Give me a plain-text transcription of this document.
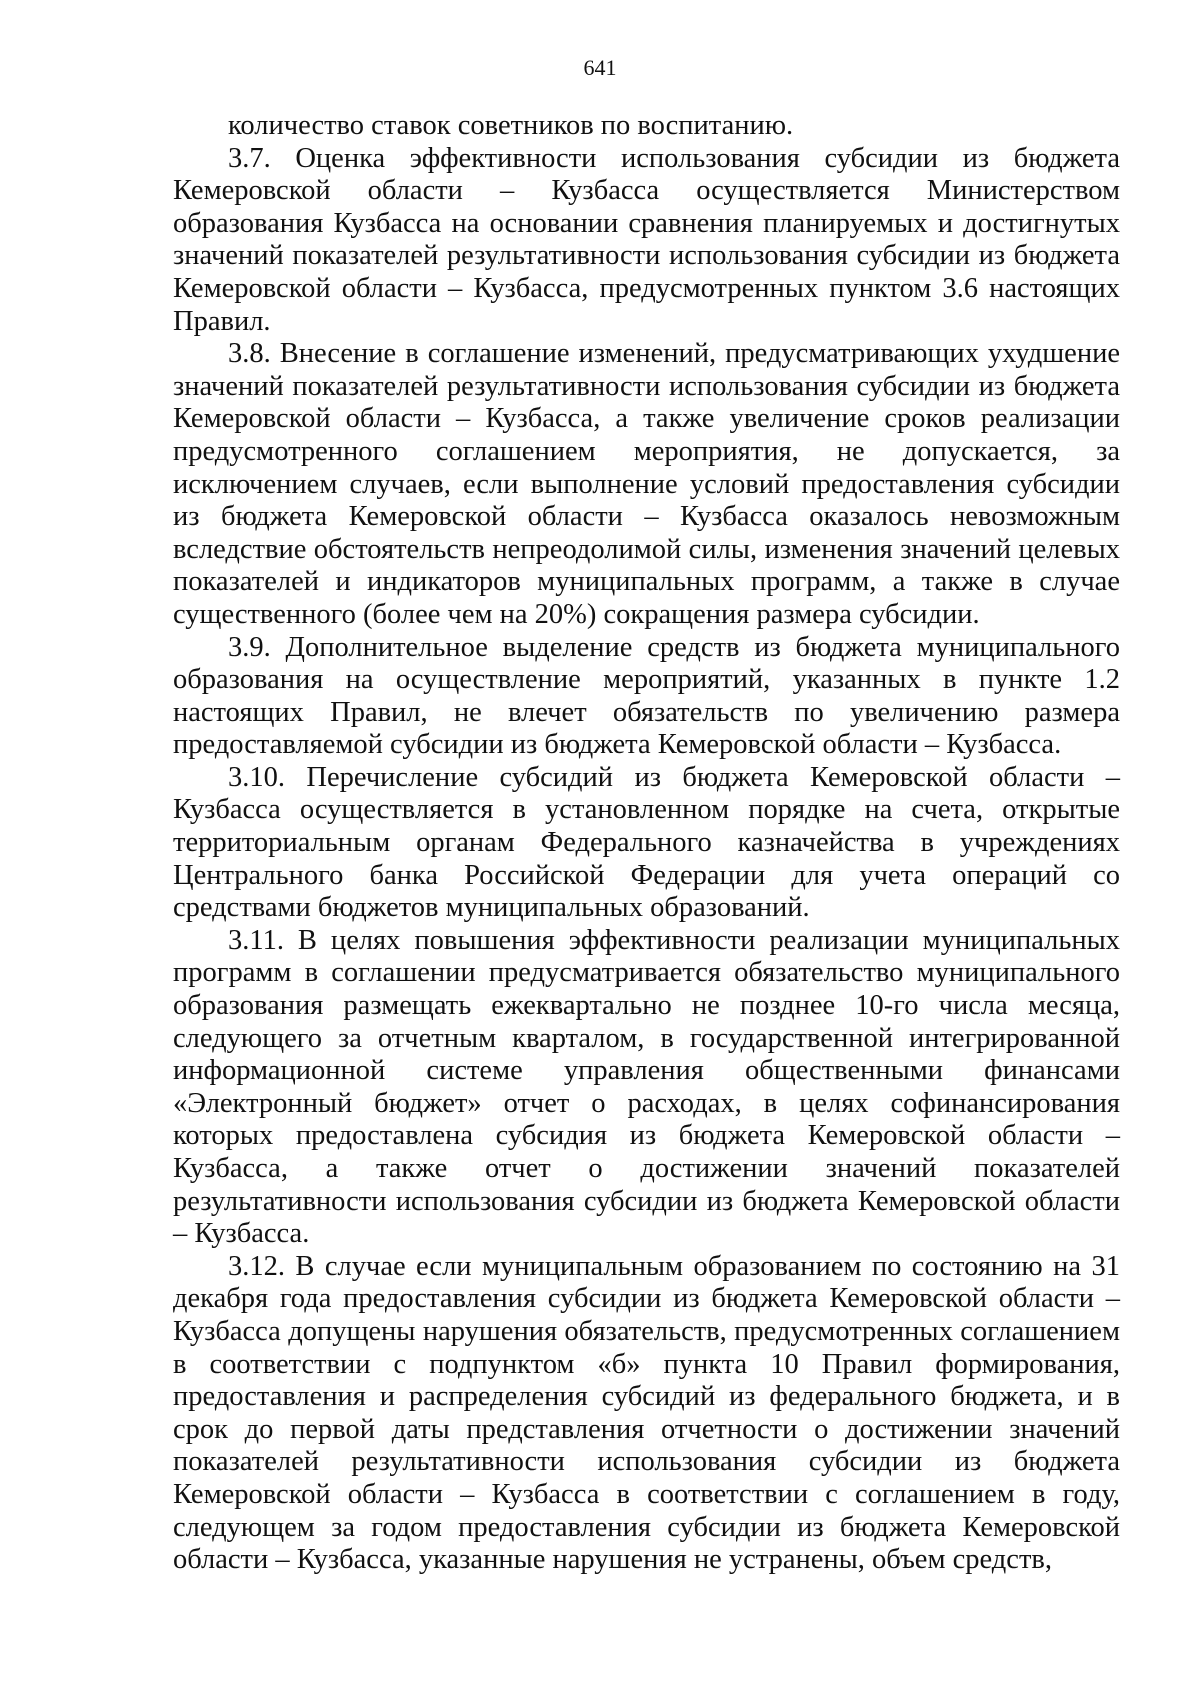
641

количество ставок советников по воспитанию.

3.7. Оценка эффективности использования субсидии из бюджета Кемеровской области – Кузбасса осуществляется Министерством образования Кузбасса на основании сравнения планируемых и достигнутых значений показателей результативности использования субсидии из бюджета Кемеровской области – Кузбасса, предусмотренных пунктом 3.6 настоящих Правил.

3.8. Внесение в соглашение изменений, предусматривающих ухудшение значений показателей результативности использования субсидии из бюджета Кемеровской области – Кузбасса, а также увеличение сроков реализации предусмотренного соглашением мероприятия, не допускается, за исключением случаев, если выполнение условий предоставления субсидии из бюджета Кемеровской области – Кузбасса оказалось невозможным вследствие обстоятельств непреодолимой силы, изменения значений целевых показателей и индикаторов муниципальных программ, а также в случае существенного (более чем на 20%) сокращения размера субсидии.

3.9. Дополнительное выделение средств из бюджета муниципального образования на осуществление мероприятий, указанных в пункте 1.2 настоящих Правил, не влечет обязательств по увеличению размера предоставляемой субсидии из бюджета Кемеровской области – Кузбасса.

3.10. Перечисление субсидий из бюджета Кемеровской области – Кузбасса осуществляется в установленном порядке на счета, открытые территориальным органам Федерального казначейства в учреждениях Центрального банка Российской Федерации для учета операций со средствами бюджетов муниципальных образований.

3.11. В целях повышения эффективности реализации муниципальных программ в соглашении предусматривается обязательство муниципального образования размещать ежеквартально не позднее 10-го числа месяца, следующего за отчетным кварталом, в государственной интегрированной информационной системе управления общественными финансами «Электронный бюджет» отчет о расходах, в целях софинансирования которых предоставлена субсидия из бюджета Кемеровской области – Кузбасса, а также отчет о достижении значений показателей результативности использования субсидии из бюджета Кемеровской области – Кузбасса.

3.12. В случае если муниципальным образованием по состоянию на 31 декабря года предоставления субсидии из бюджета Кемеровской области – Кузбасса допущены нарушения обязательств, предусмотренных соглашением в соответствии с подпунктом «б» пункта 10 Правил формирования, предоставления и распределения субсидий из федерального бюджета, и в срок до первой даты представления отчетности о достижении значений показателей результативности использования субсидии из бюджета Кемеровской области – Кузбасса в соответствии с соглашением в году, следующем за годом предоставления субсидии из бюджета Кемеровской области – Кузбасса, указанные нарушения не устранены, объем средств,
